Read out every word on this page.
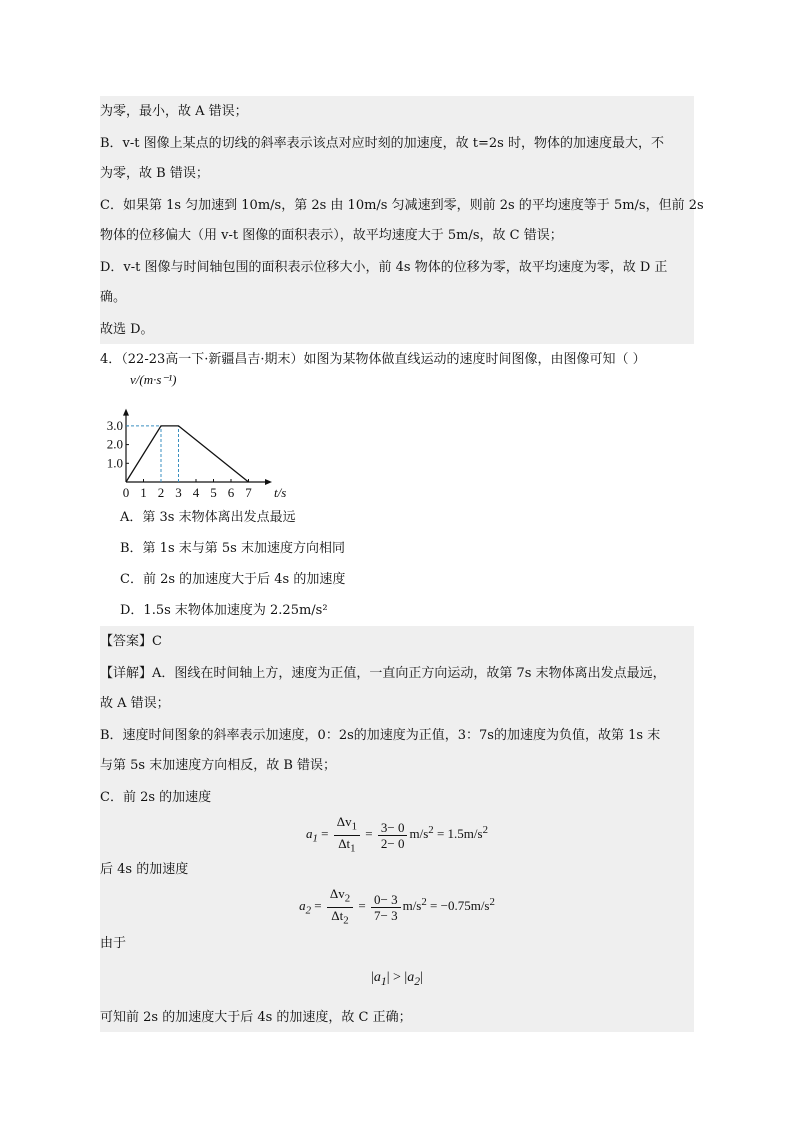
为零，最小，故 A 错误；
B．v-t 图像上某点的切线的斜率表示该点对应时刻的加速度，故 t=2s 时，物体的加速度最大，不
为零，故 B 错误；
C．如果第 1s 匀加速到 10m/s，第 2s 由 10m/s 匀减速到零，则前 2s 的平均速度等于 5m/s，但前 2s
物体的位移偏大（用 v-t 图像的面积表示），故平均速度大于 5m/s，故 C 错误；
D．v-t 图像与时间轴包围的面积表示位移大小，前 4s 物体的位移为零，故平均速度为零，故 D 正
确。
故选 D。
4．（22-23高一下·新疆昌吉·期末）如图为某物体做直线运动的速度时间图像，由图像可知（ ）
1.0
2.0
3.0
0 1 2 3 4 5 6 7
v/(m·s⁻¹)
t/s
A．第 3s 末物体离出发点最远
B．第 1s 末与第 5s 末加速度方向相同
C．前 2s 的加速度大于后 4s 的加速度
D．1.5s 末物体加速度为 2.25m/s²
【答案】C
【详解】A．图线在时间轴上方，速度为正值，一直向正方向运动，故第 7s 末物体离出发点最远，
故 A 错误；
B．速度时间图象的斜率表示加速度，0：2s的加速度为正值，3：7s的加速度为负值，故第 1s 末
与第 5s 末加速度方向相反，故 B 错误；
C．前 2s 的加速度
$a_1 = \frac{\Delta v_1}{\Delta t_1} = \frac{3- 0}{2- 0} m/s^2 = 1.5m/s^2$
后 4s 的加速度
$a_2 = \frac{\Delta v_2}{\Delta t_2} = \frac{0- 3}{7- 3} m/s^2 = -0.75m/s^2$
由于
$|a_1| > |a_2|$
可知前 2s 的加速度大于后 4s 的加速度，故 C 正确；
